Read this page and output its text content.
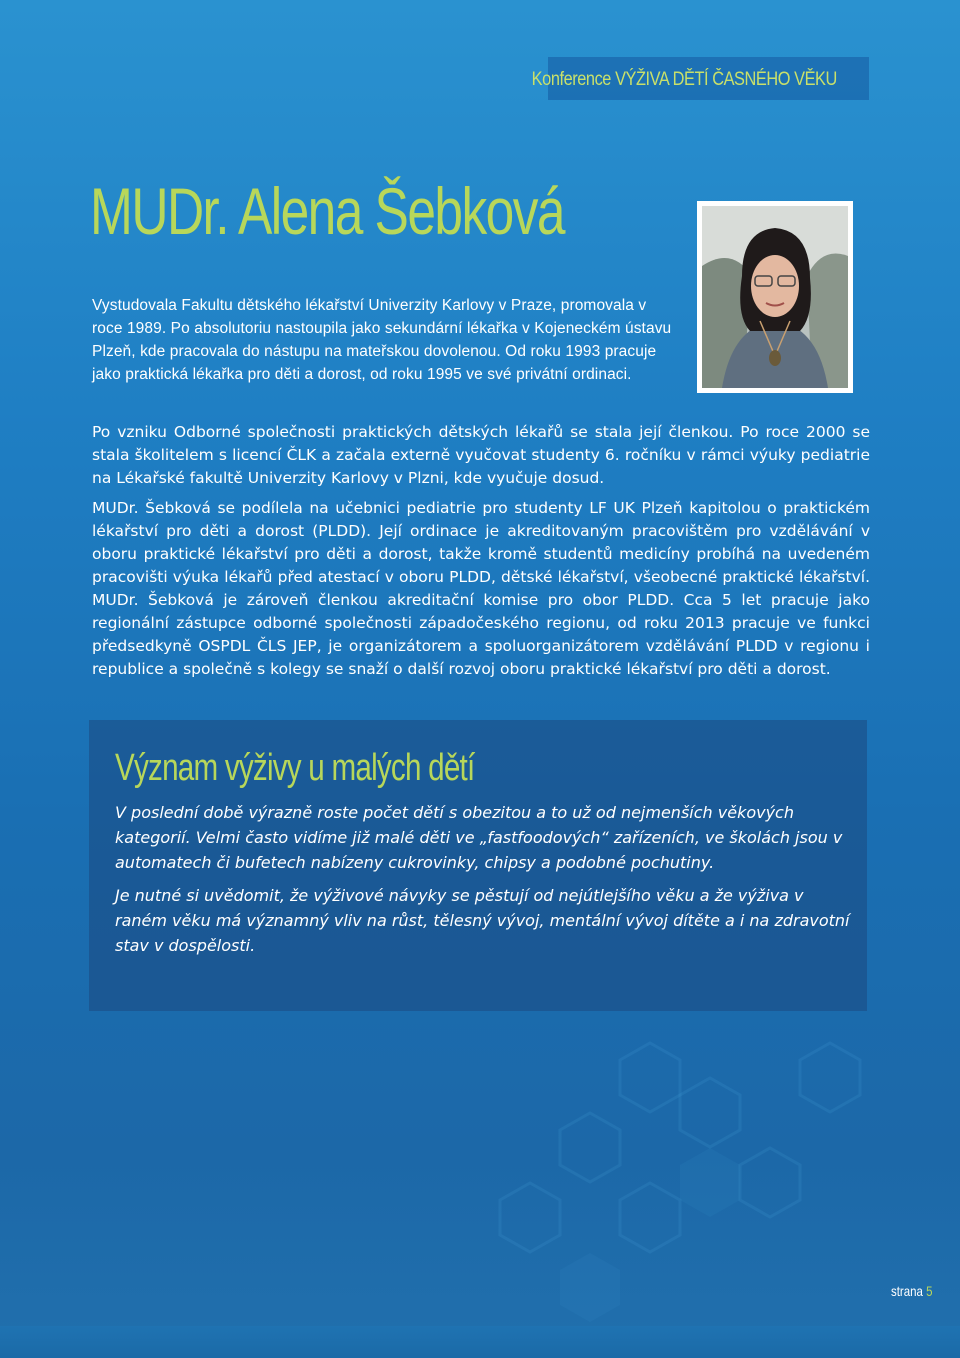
Konference VÝŽIVA DĚTÍ ČASNÉHO VĚKU
MUDr. Alena Šebková
Vystudovala Fakultu dětského lékařství Univerzity Karlovy v Praze, promovala v roce 1989. Po absolutoriu nastoupila jako sekundární lékařka v Kojeneckém ústavu Plzeň, kde pracovala do nástupu na mateřskou dovolenou. Od roku 1993 pracuje jako praktická lékařka pro děti a dorost, od roku 1995 ve své privátní ordinaci.
Po vzniku Odborné společnosti praktických dětských lékařů se stala její členkou. Po roce 2000 se stala školitelem s licencí ČLK a začala externě vyučovat studenty 6. ročníku v rámci výuky pediatrie na Lékařské fakultě Univerzity Karlovy v Plzni, kde vyučuje dosud.
MUDr. Šebková se podílela na učebnici pediatrie pro studenty LF UK Plzeň kapitolou o praktickém lékařství pro děti a dorost (PLDD). Její ordinace je akreditovaným pracovištěm pro vzdělávání v oboru praktické lékařství pro děti a dorost, takže kromě studentů medicíny probíhá na uvedeném pracovišti výuka lékařů před atestací v oboru PLDD, dětské lékařství, všeobecné praktické lékařství. MUDr. Šebková je zároveň členkou akreditační komise pro obor PLDD. Cca 5 let pracuje jako regionální zástupce odborné společnosti západočeského regionu, od roku 2013 pracuje ve funkci předsedkyně OSPDL ČLS JEP, je organizátorem a spoluorganizátorem vzdělávání PLDD v regionu i republice a společně s kolegy se snaží o další rozvoj oboru praktické lékařství pro děti a dorost.
Význam výživy u malých dětí
V poslední době výrazně roste počet dětí s obezitou a to už od nejmenších věkových kategorií. Velmi často vidíme již malé děti ve „fastfoodových“ zařízeních, ve školách jsou v automatech či bufetech nabízeny cukrovinky, chipsy a podobné pochutiny.
Je nutné si uvědomit, že výživové návyky se pěstují od nejútlejšího věku a že výživa v raném věku má významný vliv na růst, tělesný vývoj, mentální vývoj dítěte a i na zdravotní stav v dospělosti.
strana 5
